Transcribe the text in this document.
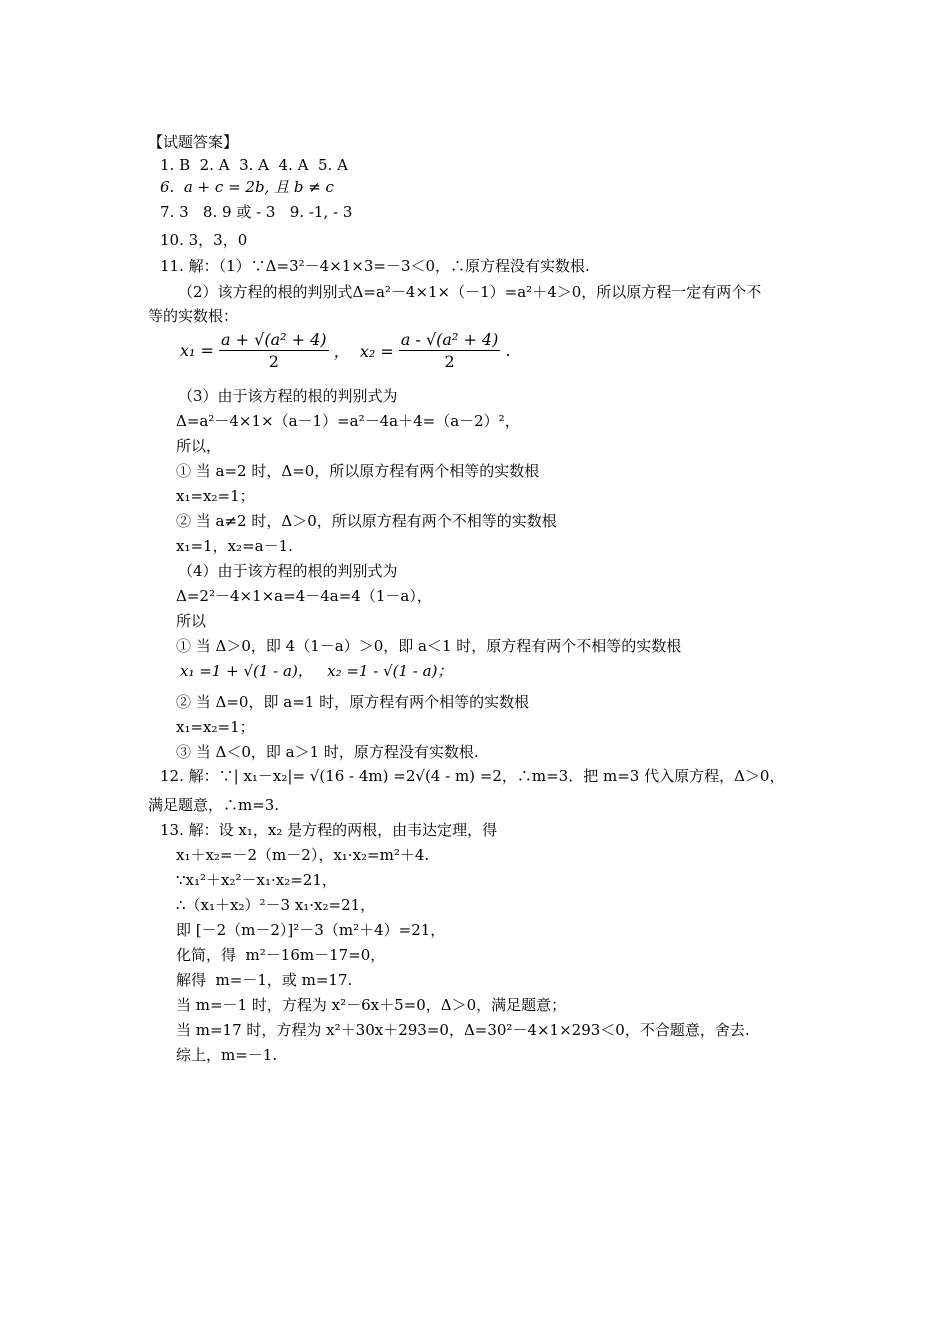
【试题答案】
1. B  2. A  3. A  4. A  5. A
6.  a + c = 2b, 且 b ≠ c
7. 3   8. 9 或 - 3   9. -1, - 3
10. 3，3，0
11. 解：（1）∵Δ=3²－4×1×3=－3＜0，∴原方程没有实数根.
（2）该方程的根的判别式Δ=a²－4×1×（－1）=a²＋4＞0，所以原方程一定有两个不
等的实数根：
$x_1 = \frac{\text{a + √(a² + 4)}}{2}$ ，  $x_2 = \frac{\text{a - √(a² + 4)}}{2}$ .
（3）由于该方程的根的判别式为
Δ=a²－4×1×（a－1）=a²－4a＋4=（a－2）²，
所以，
① 当 a=2 时，Δ=0，所以原方程有两个相等的实数根
x₁=x₂=1；
② 当 a≠2 时，Δ＞0，所以原方程有两个不相等的实数根
x₁=1，x₂=a－1.
（4）由于该方程的根的判别式为
Δ=2²－4×1×a=4－4a=4（1－a），
所以
① 当 Δ＞0，即 4（1－a）＞0，即 a＜1 时，原方程有两个不相等的实数根
x₁ =1 + √(1 - a)，   x₂ =1 - √(1 - a)；
② 当 Δ=0，即 a=1 时，原方程有两个相等的实数根
x₁=x₂=1；
③ 当 Δ＜0，即 a＞1 时，原方程没有实数根.
12. 解：∵| x₁－x₂|= √(16 - 4m) =2√(4 - m) =2，∴m=3．把 m=3 代入原方程，Δ＞0，
满足题意，∴m=3.
13. 解：设 x₁，x₂ 是方程的两根，由韦达定理，得
x₁＋x₂=－2（m－2），x₁·x₂=m²＋4.
∵x₁²＋x₂²－x₁·x₂=21，
∴（x₁＋x₂）²－3 x₁·x₂=21，
即 [－2（m－2）]²－3（m²＋4）=21，
化简，得  m²－16m－17=0，
解得  m=－1，或 m=17.
当 m=－1 时，方程为 x²－6x＋5=0，Δ＞0，满足题意；
当 m=17 时，方程为 x²＋30x＋293=0，Δ=30²－4×1×293＜0，不合题意，舍去.
综上，m=－1.
